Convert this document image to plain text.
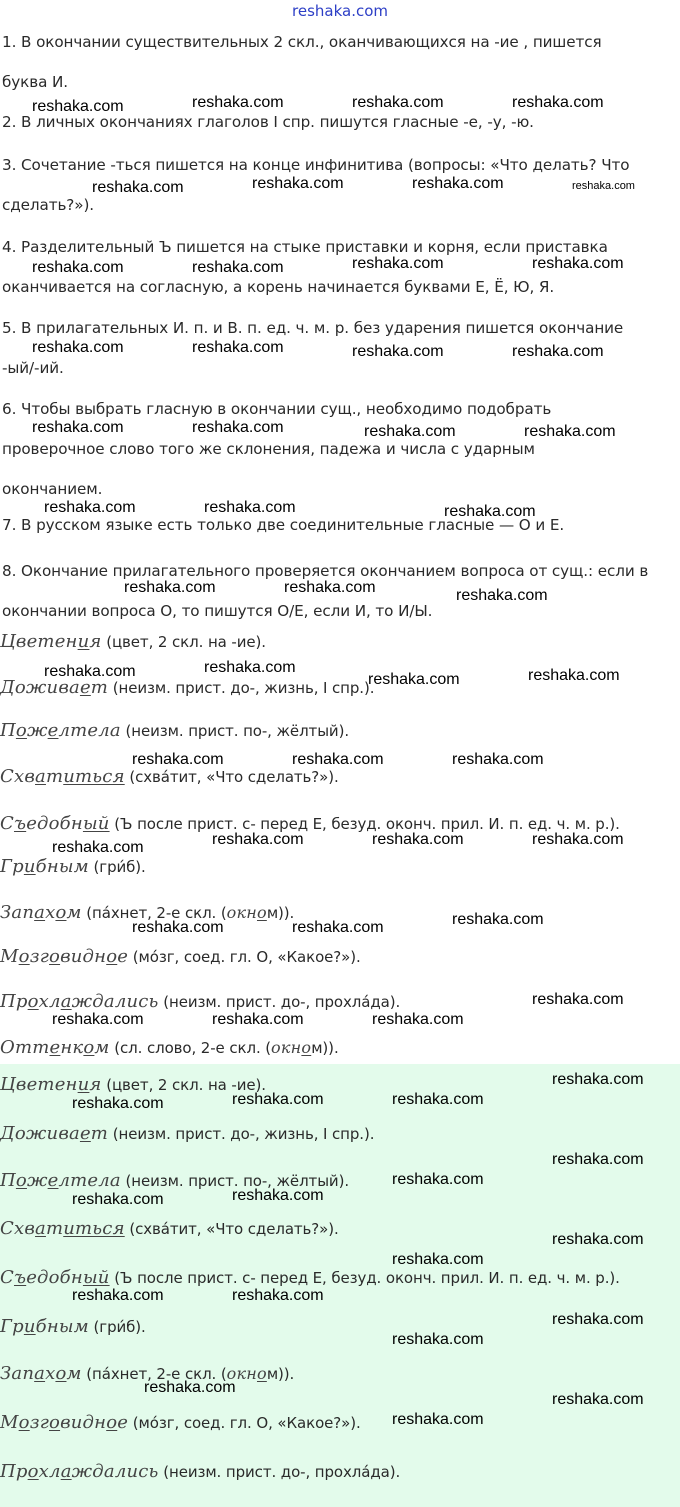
reshaka.com
1. В окончании существительных 2 скл., оканчивающихся на -ие , пишется буква И.
2. В личных окончаниях глаголов I спр. пишутся гласные -е, -у, -ю.
3. Сочетание -ться пишется на конце инфинитива (вопросы: «Что делать? Что сделать?»).
4. Разделительный Ъ пишется на стыке приставки и корня, если приставка оканчивается на согласную, а корень начинается буквами Е, Ё, Ю, Я.
5. В прилагательных И. п. и В. п. ед. ч. м. р. без ударения пишется окончание -ый/-ий.
6. Чтобы выбрать гласную в окончании сущ., необходимо подобрать проверочное слово того же склонения, падежа и числа с ударным окончанием.
7. В русском языке есть только две соединительные гласные — О и Е.
8. Окончание прилагательного проверяется окончанием вопроса от сущ.: если в окончании вопроса О, то пишутся О/Е, если И, то И/Ы.
Цветения (цвет, 2 скл. на -ие).
Доживает (неизм. прист. до-, жизнь, I спр.).
Пожелтела (неизм. прист. по-, жёлтый).
Схватиться (схва́тит, «Что сделать?»).
Съедобный (Ъ после прист. с- перед Е, безуд. оконч. прил. И. п. ед. ч. м. р.).
Грибным (гри́б).
Запахом (па́хнет, 2-е скл. (окном)).
Мозговидное (мо́зг, соед. гл. О, «Какое?»).
Прохлаждались (неизм. прист. до-, прохла́да).
Оттенком (сл. слово, 2-е скл. (окном)).
Цветения (цвет, 2 скл. на -ие).
Доживает (неизм. прист. до-, жизнь, I спр.).
Пожелтела (неизм. прист. по-, жёлтый).
Схватиться (схва́тит, «Что сделать?»).
Съедобный (Ъ после прист. с- перед Е, безуд. оконч. прил. И. п. ед. ч. м. р.).
Грибным (гри́б).
Запахом (па́хнет, 2-е скл. (окном)).
Мозговидное (мо́зг, соед. гл. О, «Какое?»).
Прохлаждались (неизм. прист. до-, прохла́да).
reshaka.com	reshaka.com	reshaka.com	reshaka.com
reshaka.com	reshaka.com	reshaka.com	reshaka.com
reshaka.com	reshaka.com	reshaka.com	reshaka.com
reshaka.com	reshaka.com	reshaka.com	reshaka.com
reshaka.com	reshaka.com	reshaka.com	reshaka.com
reshaka.com	reshaka.com	reshaka.com
reshaka.com	reshaka.com	reshaka.com
reshaka.com	reshaka.com
reshaka.com	reshaka.com
reshaka.com	reshaka.com	reshaka.com
reshaka.com	reshaka.com	reshaka.com
reshaka.com
reshaka.com	reshaka.com	reshaka.com
reshaka.com
reshaka.com	reshaka.com	reshaka.com
reshaka.com
reshaka.com	reshaka.com	reshaka.com
reshaka.com
reshaka.com
reshaka.com	reshaka.com
reshaka.com
reshaka.com
reshaka.com	reshaka.com
reshaka.com
reshaka.com
reshaka.com
reshaka.com
reshaka.com
